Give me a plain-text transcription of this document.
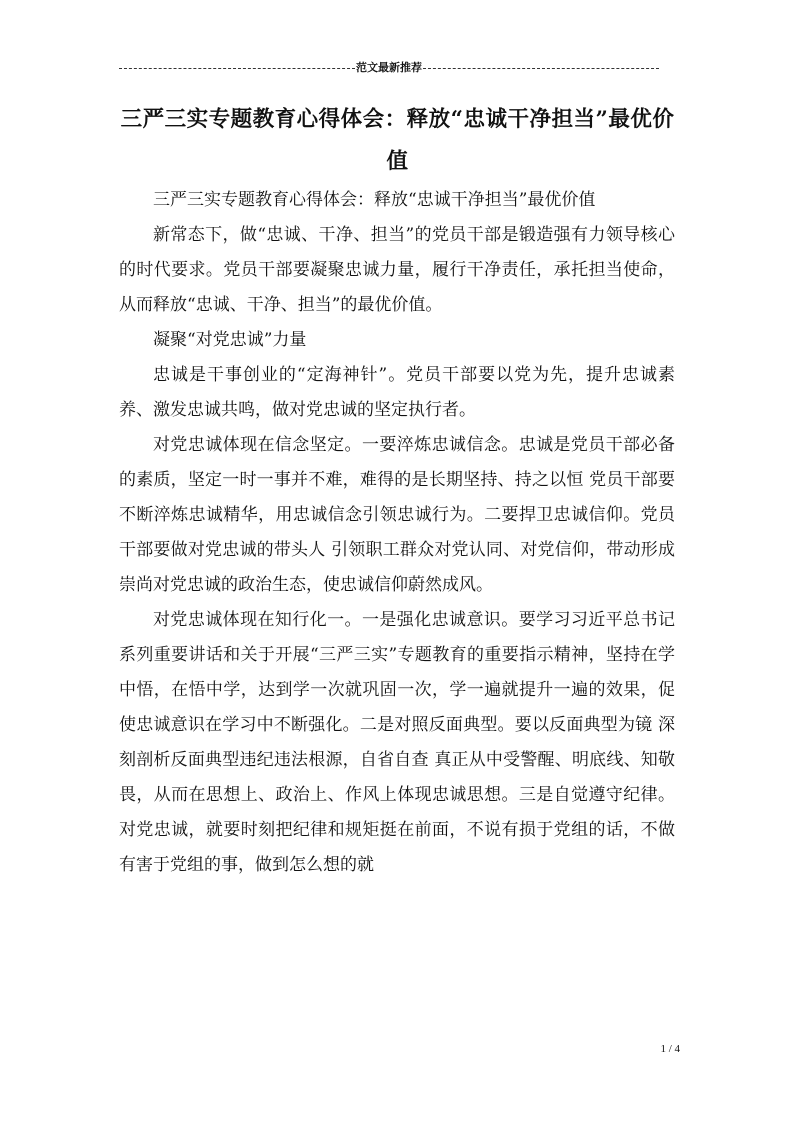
范文最新推荐
三严三实专题教育心得体会：释放“忠诚干净担当”最优价值

三严三实专题教育心得体会：释放“忠诚干净担当”最优价值

新常态下，做“忠诚、干净、担当”的党员干部是锻造强有力领导核心的时代要求。党员干部要凝聚忠诚力量，履行干净责任，承托担当使命，从而释放“忠诚、干净、担当”的最优价值。

凝聚“对党忠诚”力量

忠诚是干事创业的“定海神针”。党员干部要以党为先，提升忠诚素养、激发忠诚共鸣，做对党忠诚的坚定执行者。

对党忠诚体现在信念坚定。一要淬炼忠诚信念。忠诚是党员干部必备的素质，坚定一时一事并不难，难得的是长期坚持、持之以恒 党员干部要不断淬炼忠诚精华，用忠诚信念引领忠诚行为。二要捍卫忠诚信仰。党员干部要做对党忠诚的带头人 引领职工群众对党认同、对党信仰，带动形成崇尚对党忠诚的政治生态，使忠诚信仰蔚然成风。

对党忠诚体现在知行化一。一是强化忠诚意识。要学习习近平总书记系列重要讲话和关于开展“三严三实”专题教育的重要指示精神，坚持在学中悟，在悟中学，达到学一次就巩固一次，学一遍就提升一遍的效果，促使忠诚意识在学习中不断强化。二是对照反面典型。要以反面典型为镜 深刻剖析反面典型违纪违法根源，自省自查 真正从中受警醒、明底线、知敬畏，从而在思想上、政治上、作风上体现忠诚思想。三是自觉遵守纪律。对党忠诚，就要时刻把纪律和规矩挺在前面，不说有损于党组的话，不做有害于党组的事，做到怎么想的就

1 / 4
